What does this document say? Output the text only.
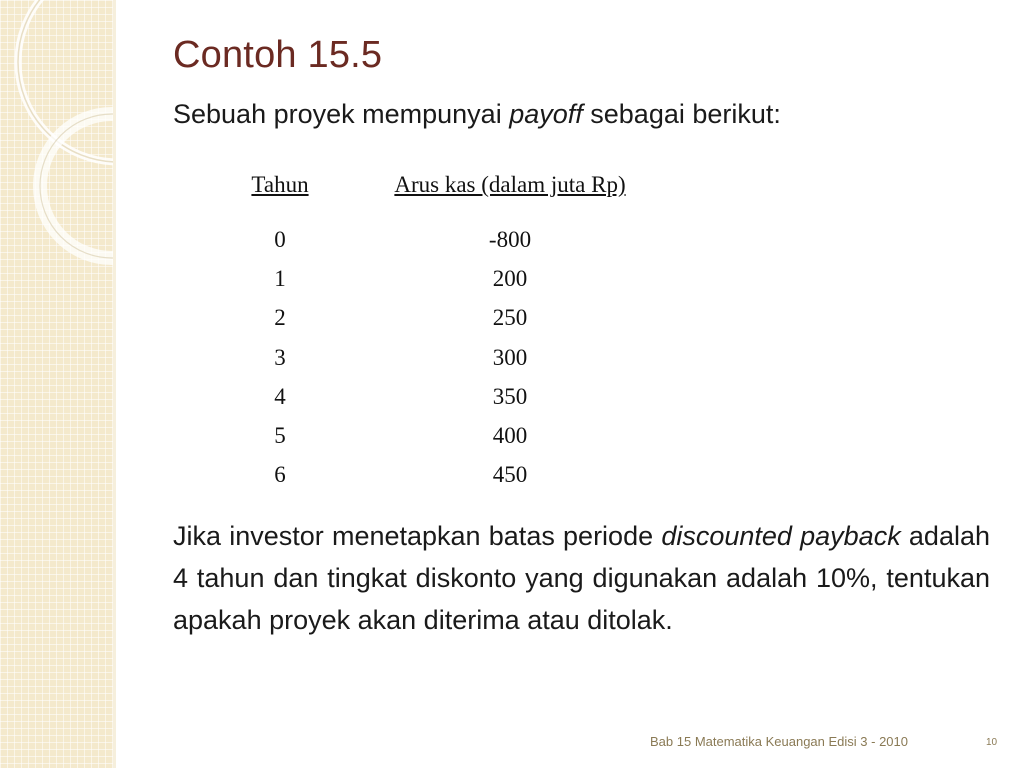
Contoh 15.5
Sebuah proyek mempunyai payoff sebagai berikut:
Tahun	Arus kas (dalam juta Rp)
0	-800
1	200
2	250
3	300
4	350
5	400
6	450
Jika investor menetapkan batas periode discounted payback adalah 4 tahun dan tingkat diskonto yang digunakan adalah 10%, tentukan apakah proyek akan diterima atau ditolak.
Bab 15 Matematika Keuangan Edisi 3 - 2010	10
